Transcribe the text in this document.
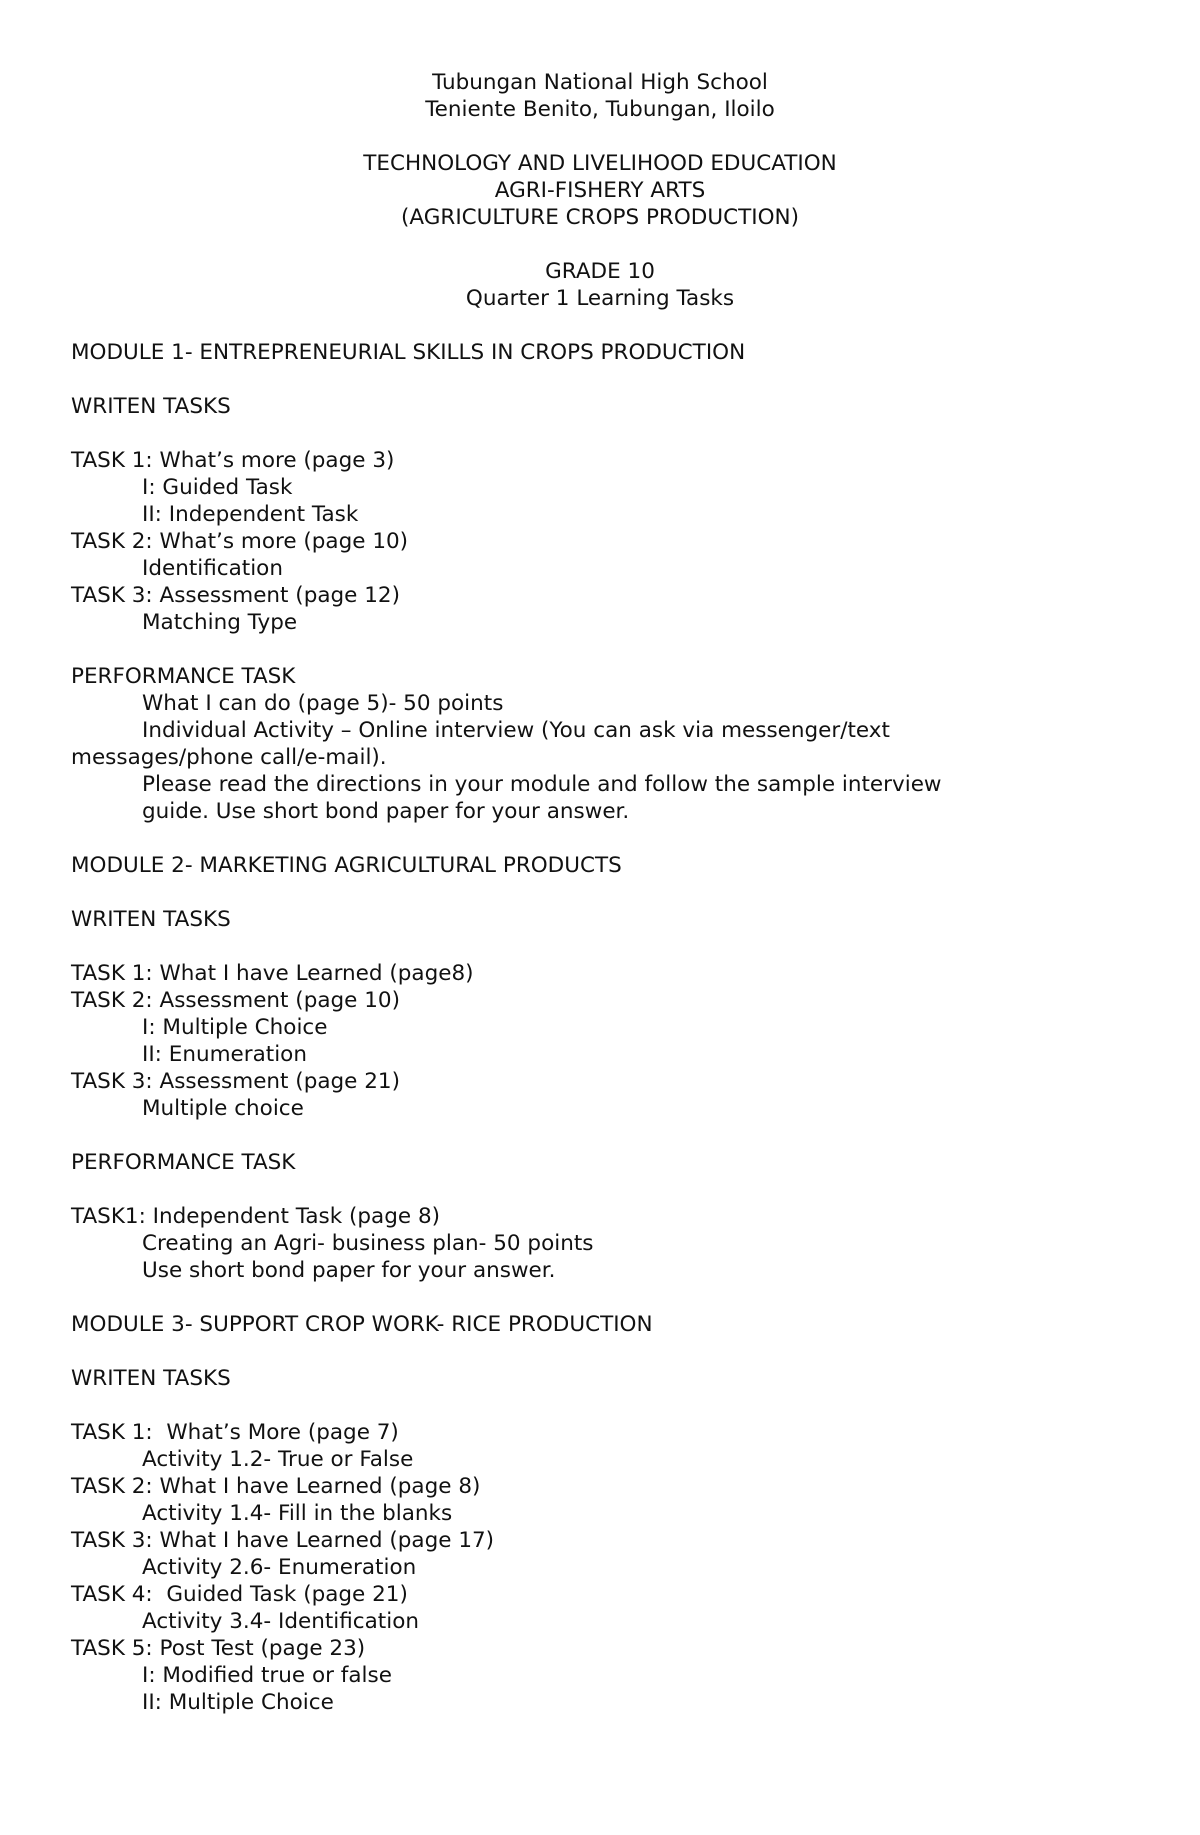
Tubungan National High School
Teniente Benito, Tubungan, Iloilo
TECHNOLOGY AND LIVELIHOOD EDUCATION
AGRI-FISHERY ARTS
(AGRICULTURE CROPS PRODUCTION)
GRADE 10
Quarter 1 Learning Tasks
MODULE 1- ENTREPRENEURIAL SKILLS IN CROPS PRODUCTION
WRITEN TASKS
TASK 1: What’s more (page 3)
I: Guided Task
II: Independent Task
TASK 2: What’s more (page 10)
Identification
TASK 3: Assessment (page 12)
Matching Type
PERFORMANCE TASK
What I can do (page 5)- 50 points
Individual Activity – Online interview (You can ask via messenger/text
messages/phone call/e-mail).
Please read the directions in your module and follow the sample interview
guide. Use short bond paper for your answer.
MODULE 2- MARKETING AGRICULTURAL PRODUCTS
WRITEN TASKS
TASK 1: What I have Learned (page8)
TASK 2: Assessment (page 10)
I: Multiple Choice
II: Enumeration
TASK 3: Assessment (page 21)
Multiple choice
PERFORMANCE TASK
TASK1: Independent Task (page 8)
Creating an Agri- business plan- 50 points
Use short bond paper for your answer.
MODULE 3- SUPPORT CROP WORK- RICE PRODUCTION
WRITEN TASKS
TASK 1:  What’s More (page 7)
Activity 1.2- True or False
TASK 2: What I have Learned (page 8)
Activity 1.4- Fill in the blanks
TASK 3: What I have Learned (page 17)
Activity 2.6- Enumeration
TASK 4:  Guided Task (page 21)
Activity 3.4- Identification
TASK 5: Post Test (page 23)
I: Modified true or false
II: Multiple Choice
